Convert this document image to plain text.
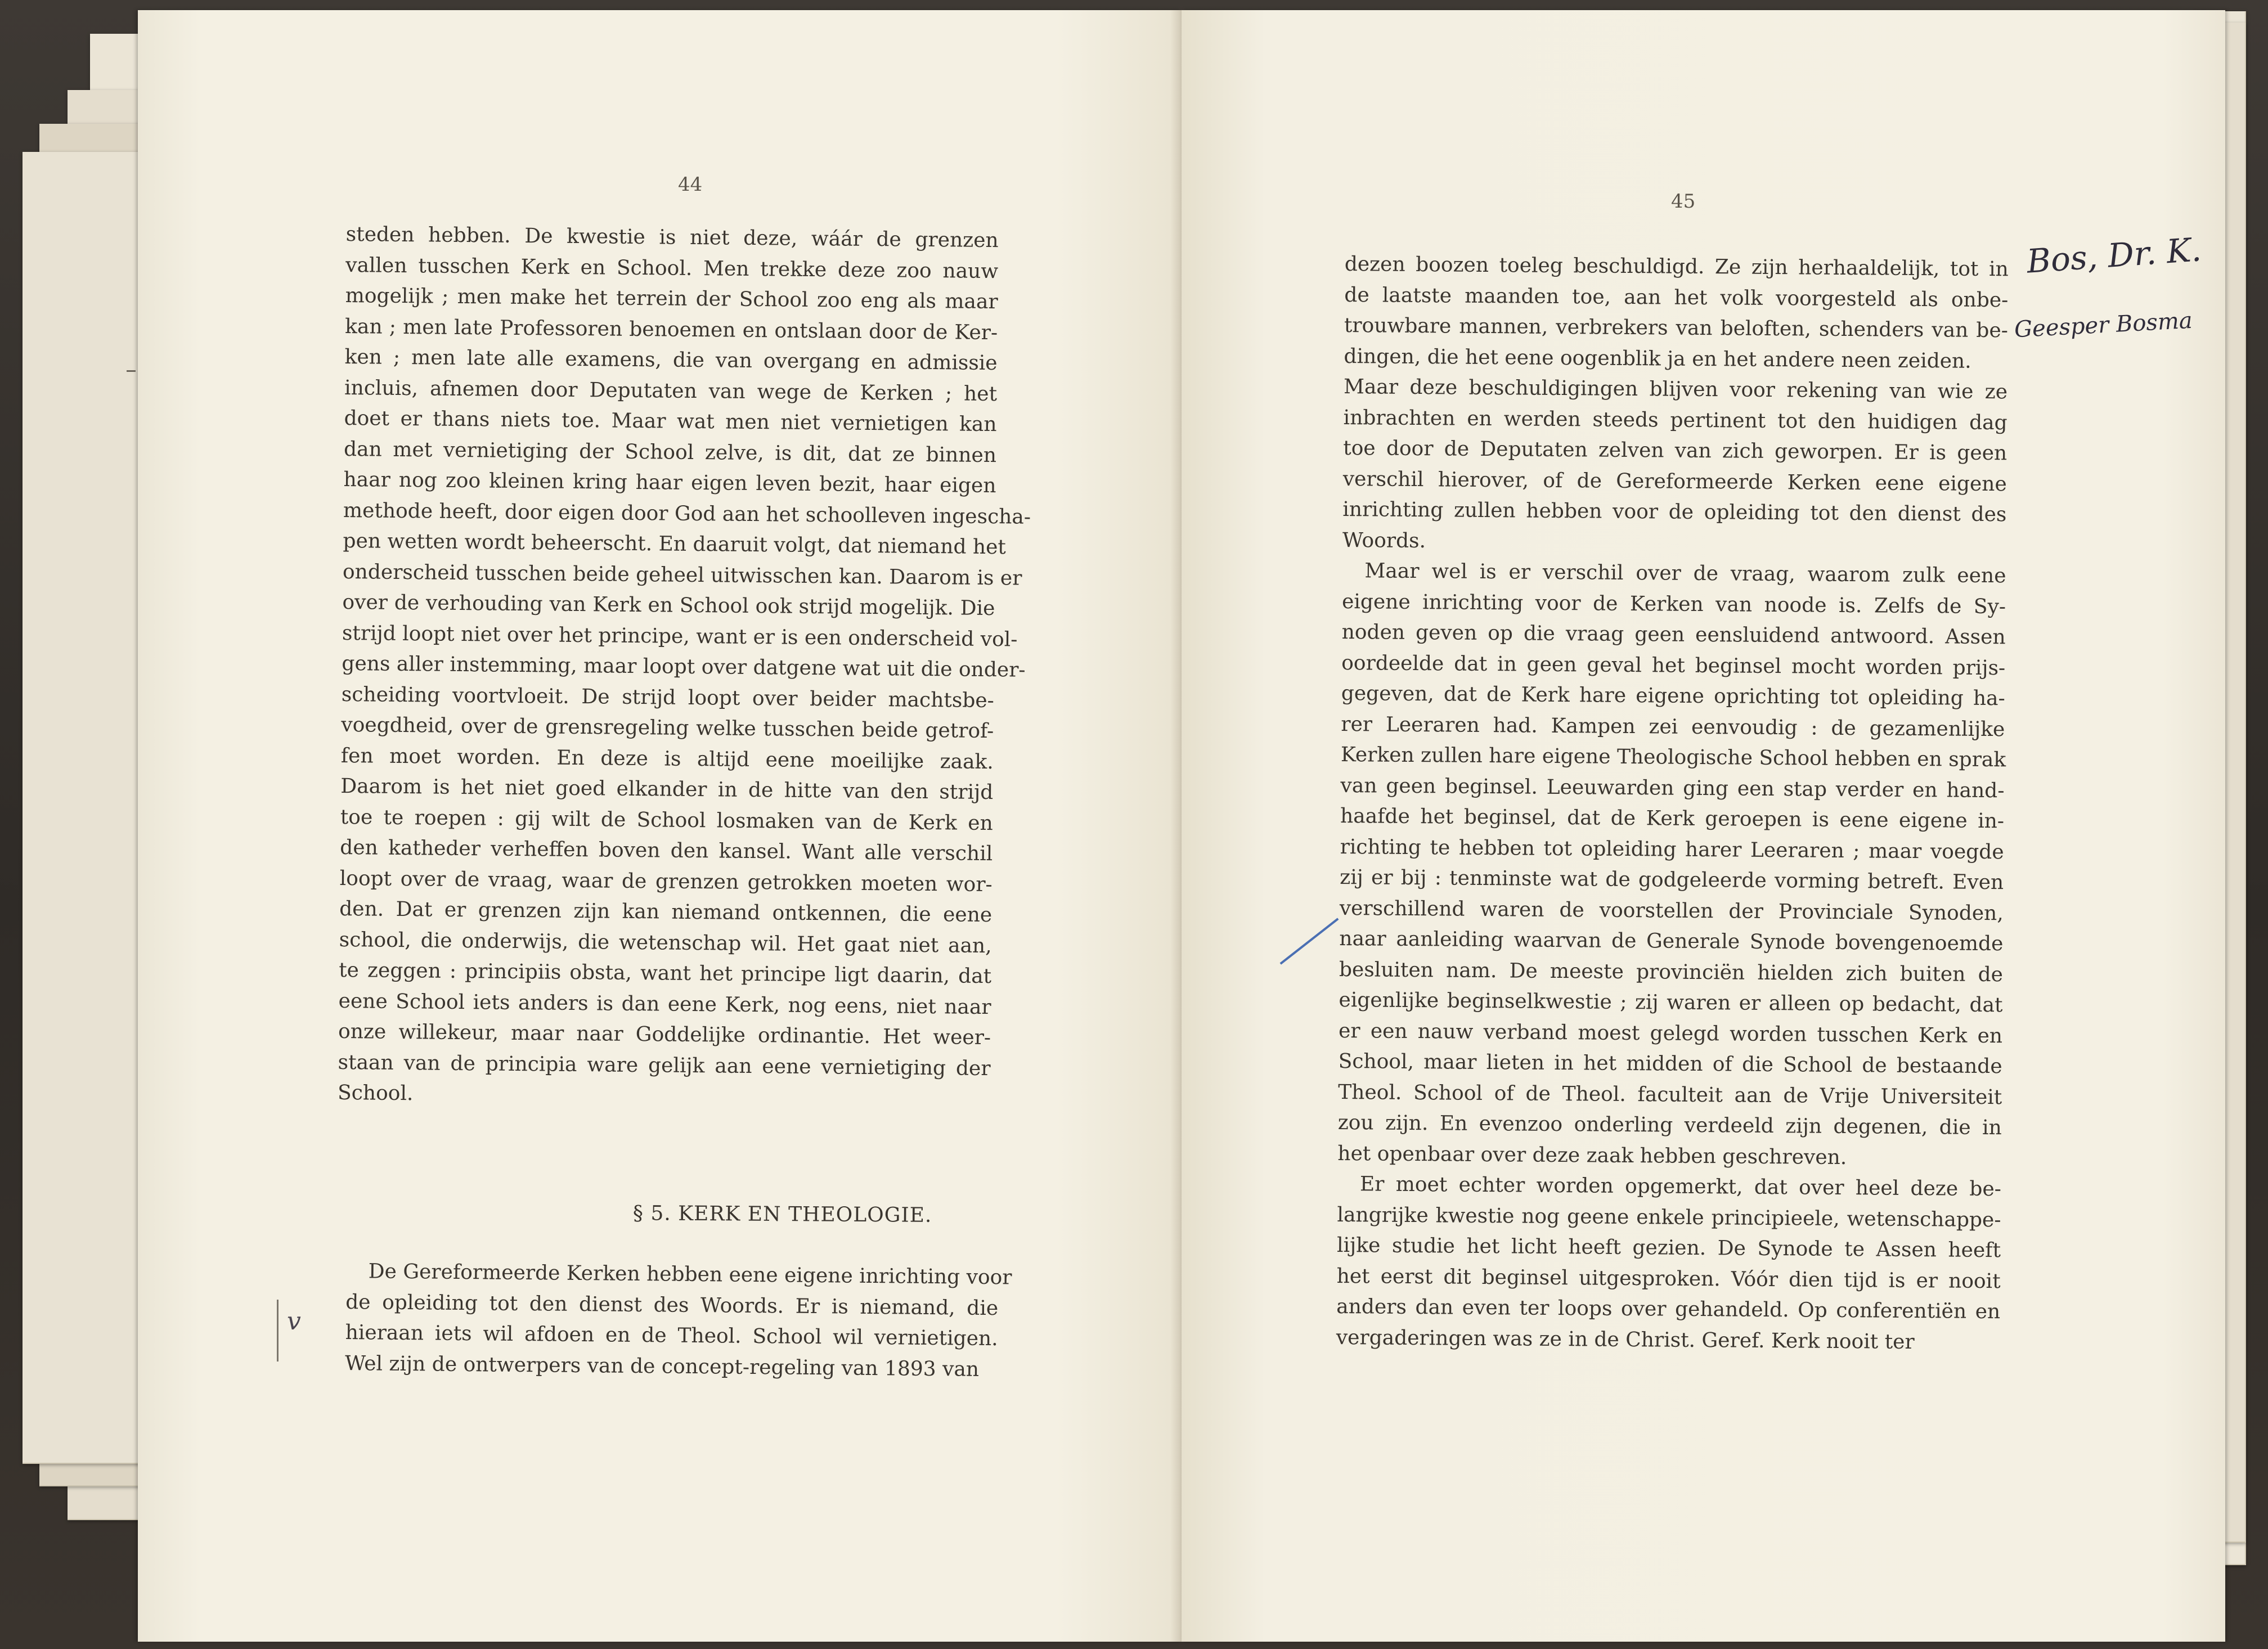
44
steden hebben. De kwestie is niet deze, wáár de grenzen
vallen tusschen Kerk en School. Men trekke deze zoo nauw
mogelijk ; men make het terrein der School zoo eng als maar
kan ; men late Professoren benoemen en ontslaan door de Ker-
ken ; men late alle examens, die van overgang en admissie
incluis, afnemen door Deputaten van wege de Kerken ; het
doet er thans niets toe. Maar wat men niet vernietigen kan
dan met vernietiging der School zelve, is dit, dat ze binnen
haar nog zoo kleinen kring haar eigen leven bezit, haar eigen
methode heeft, door eigen door God aan het schoolleven ingescha-
pen wetten wordt beheerscht. En daaruit volgt, dat niemand het
onderscheid tusschen beide geheel uitwisschen kan. Daarom is er
over de verhouding van Kerk en School ook strijd mogelijk. Die
strijd loopt niet over het principe, want er is een onderscheid vol-
gens aller instemming, maar loopt over datgene wat uit die onder-
scheiding voortvloeit. De strijd loopt over beider machtsbe-
voegdheid, over de grensregeling welke tusschen beide getrof-
fen moet worden. En deze is altijd eene moeilijke zaak.
Daarom is het niet goed elkander in de hitte van den strijd
toe te roepen : gij wilt de School losmaken van de Kerk en
den katheder verheffen boven den kansel. Want alle verschil
loopt over de vraag, waar de grenzen getrokken moeten wor-
den. Dat er grenzen zijn kan niemand ontkennen, die eene
school, die onderwijs, die wetenschap wil. Het gaat niet aan,
te zeggen : principiis obsta, want het principe ligt daarin, dat
eene School iets anders is dan eene Kerk, nog eens, niet naar
onze willekeur, maar naar Goddelijke ordinantie. Het weer-
staan van de principia ware gelijk aan eene vernietiging der
School.
§ 5. KERK EN THEOLOGIE.
De Gereformeerde Kerken hebben eene eigene inrichting voor
de opleiding tot den dienst des Woords. Er is niemand, die
hieraan iets wil afdoen en de Theol. School wil vernietigen.
Wel zijn de ontwerpers van de concept-regeling van 1893 van
v
45
dezen boozen toeleg beschuldigd. Ze zijn herhaaldelijk, tot in
de laatste maanden toe, aan het volk voorgesteld als onbe-
trouwbare mannen, verbrekers van beloften, schenders van be-
dingen, die het eene oogenblik ja en het andere neen zeiden.
Maar deze beschuldigingen blijven voor rekening van wie ze
inbrachten en werden steeds pertinent tot den huidigen dag
toe door de Deputaten zelven van zich geworpen. Er is geen
verschil hierover, of de Gereformeerde Kerken eene eigene
inrichting zullen hebben voor de opleiding tot den dienst des
Woords.
Maar wel is er verschil over de vraag, waarom zulk eene
eigene inrichting voor de Kerken van noode is. Zelfs de Sy-
noden geven op die vraag geen eensluidend antwoord. Assen
oordeelde dat in geen geval het beginsel mocht worden prijs-
gegeven, dat de Kerk hare eigene oprichting tot opleiding ha-
rer Leeraren had. Kampen zei eenvoudig : de gezamenlijke
Kerken zullen hare eigene Theologische School hebben en sprak
van geen beginsel. Leeuwarden ging een stap verder en hand-
haafde het beginsel, dat de Kerk geroepen is eene eigene in-
richting te hebben tot opleiding harer Leeraren ; maar voegde
zij er bij : tenminste wat de godgeleerde vorming betreft. Even
verschillend waren de voorstellen der Provinciale Synoden,
naar aanleiding waarvan de Generale Synode bovengenoemde
besluiten nam. De meeste provinciën hielden zich buiten de
eigenlijke beginselkwestie ; zij waren er alleen op bedacht, dat
er een nauw verband moest gelegd worden tusschen Kerk en
School, maar lieten in het midden of die School de bestaande
Theol. School of de Theol. faculteit aan de Vrije Universiteit
zou zijn. En evenzoo onderling verdeeld zijn degenen, die in
het openbaar over deze zaak hebben geschreven.
Er moet echter worden opgemerkt, dat over heel deze be-
langrijke kwestie nog geene enkele principieele, wetenschappe-
lijke studie het licht heeft gezien. De Synode te Assen heeft
het eerst dit beginsel uitgesproken. Vóór dien tijd is er nooit
anders dan even ter loops over gehandeld. Op conferentiën en
vergaderingen was ze in de Christ. Geref. Kerk nooit ter
Bos, Dr. K.
Geesper Bosma
